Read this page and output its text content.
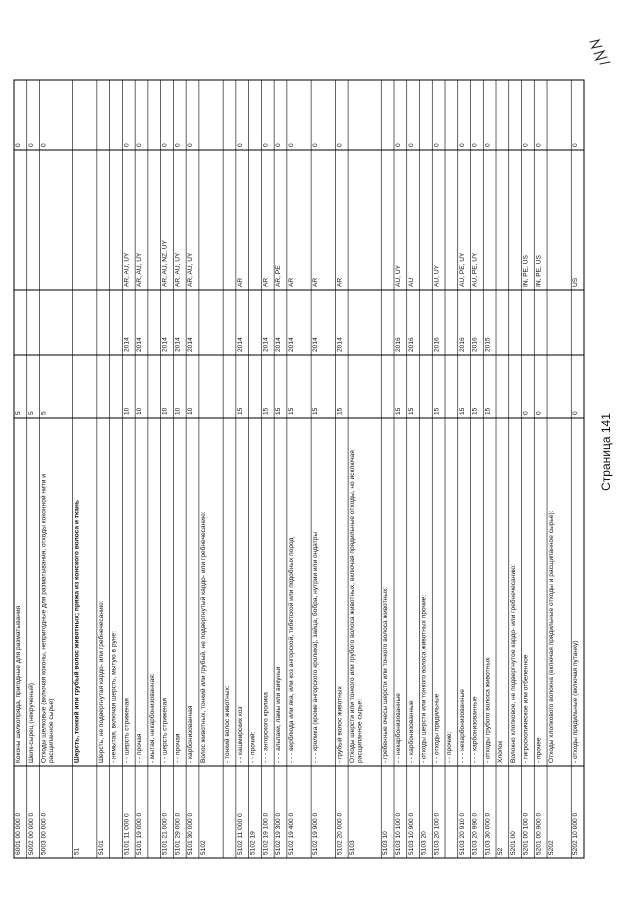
6001 00 000 0
Коконы шелкопряда, пригодные для разматывания
5
0
5002 00 000 0
Шелк-сырец (некрученый)
5
0
5003 00 000 0
Отходы шелковые (включая коконы, непригодные для разматывания, отходы коконной нити и расщипанное сырье)
5
0
51
Шерсть, тонкий или грубый волос животных; пряжа из конского волоса и ткань
5101
Шерсть, не подвергнутая кардо- или гребнечесанию: - немытая, включая шерсть, мытую в руне:
5101 11 000 0
- - шерсть стриженая
10
2014
AR, AU, UY
0
5101 19 000 0
- - прочая
10
2014
AR, AU, UY
0
- мытая, некарбонизованная:
5101 21 000 0
- - шерсть стриженая
10
2014
AR, AU, NZ, UY
0
5101 29 000 0
- - прочая
10
2014
AR, AU, UY
0
5101 30 000 0
- карбонизованная
10
2014
AR, AU, UY
0
5102
Волос животных, тонкий или грубый, не подвергнутый кардо- или гребнечесанию:	- тонкий волос животных:
5102 11 000 0
- - кашмирских коз
15
2014
AR
0
5102 19
- - прочий:
5102 19 100 0
- - - ангорского кролика
15
2014
AR
0
5102 19 300 0
- - - альпаки, ламы или викуньи
15
2014
AR, PE
0
5102 19 400 0
- - - верблюда или яка, или коз ангорской, тибетской или подобных пород
15
2014
AR
0
5102 19 900 0
- - - кролика (кроме ангорского кролика), зайца, бобра, нутрии или ондатры
15
2014
AR
0
5102 20 000 0
- грубый волос животных
15
2014
AR
0
5103
Отходы шерсти или тонкого или грубого волоса животных, включая прядильные отходы, но исключая расщипанное сырье:
5103 10
- гребенные очесы шерсти или тонкого волоса животных:
5103 10 100 0
- - некарбонизованные
15
2016
AU, UY
0
5103 10 900 0
- - карбонизованные
15
2016
AU
0
5103 20
- отходы шерсти или тонкого волоса животных прочие:
5103 20 100 0
- - отходы прядильные
15
2016
AU, UY
0
- - прочие:
5103 20 910 0
- - - некарбонизованные
15
2016
AU, PE, UY
0
5103 20 990 0
- - - карбонизованные
15
2016
AU, PE, UY
0
5103 30 000 0
- отходы грубого волоса животных
15
2015
0
52
Хлопок
5201 00
Волокно хлопковое, не подвергнутое кардо- или гребнечесанию:
5201 00 100 0
- гигроскопическое или отбеленное
0
IN, PE, US
0
5201 00 900 0
- прочее
0
IN, PE, US
0
5202
Отходы хлопкового волокна (включая прядильные отходы и расщипанное сырье):
5202 10 000 0
- отходы прядильные (включая путанку)
0
US
0
Страница 141
